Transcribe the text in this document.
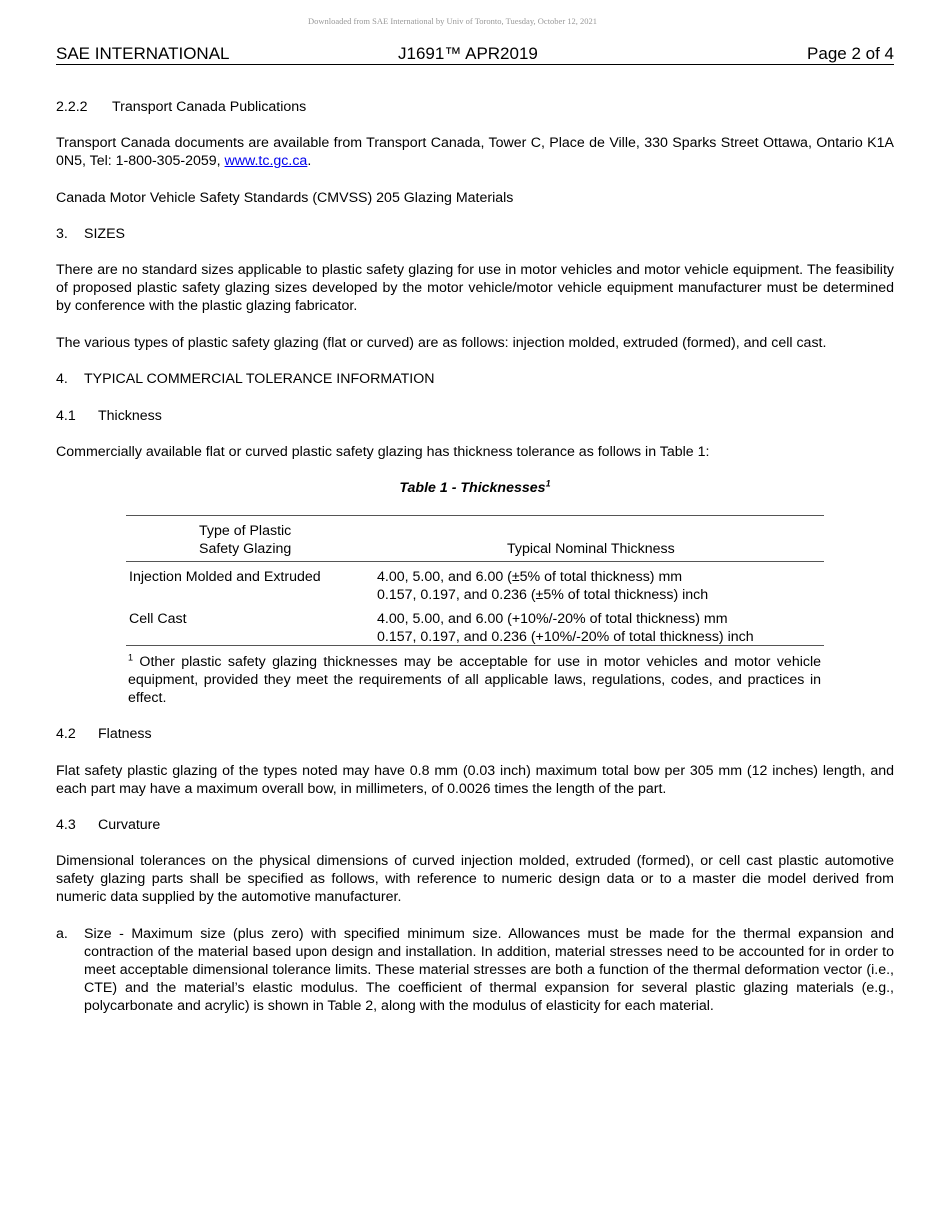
Downloaded from SAE International by Univ of Toronto, Tuesday, October 12, 2021
SAE INTERNATIONAL	J1691™ APR2019	Page 2 of 4
2.2.2 Transport Canada Publications
Transport Canada documents are available from Transport Canada, Tower C, Place de Ville, 330 Sparks Street Ottawa, Ontario K1A 0N5, Tel: 1-800-305-2059, www.tc.gc.ca.
Canada Motor Vehicle Safety Standards (CMVSS) 205 Glazing Materials
3. SIZES
There are no standard sizes applicable to plastic safety glazing for use in motor vehicles and motor vehicle equipment. The feasibility of proposed plastic safety glazing sizes developed by the motor vehicle/motor vehicle equipment manufacturer must be determined by conference with the plastic glazing fabricator.
The various types of plastic safety glazing (flat or curved) are as follows: injection molded, extruded (formed), and cell cast.
4. TYPICAL COMMERCIAL TOLERANCE INFORMATION
4.1 Thickness
Commercially available flat or curved plastic safety glazing has thickness tolerance as follows in Table 1:
Table 1 - Thicknesses$^1$
Type of Plastic
Safety Glazing	Typical Nominal Thickness
Injection Molded and Extruded	4.00, 5.00, and 6.00 (±5% of total thickness) mm
0.157, 0.197, and 0.236 (±5% of total thickness) inch
Cell Cast	4.00, 5.00, and 6.00 (+10%/-20% of total thickness) mm
0.157, 0.197, and 0.236 (+10%/-20% of total thickness) inch
$^1$ Other plastic safety glazing thicknesses may be acceptable for use in motor vehicles and motor vehicle equipment, provided they meet the requirements of all applicable laws, regulations, codes, and practices in effect.
4.2 Flatness
Flat safety plastic glazing of the types noted may have 0.8 mm (0.03 inch) maximum total bow per 305 mm (12 inches) length, and each part may have a maximum overall bow, in millimeters, of 0.0026 times the length of the part.
4.3 Curvature
Dimensional tolerances on the physical dimensions of curved injection molded, extruded (formed), or cell cast plastic automotive safety glazing parts shall be specified as follows, with reference to numeric design data or to a master die model derived from numeric data supplied by the automotive manufacturer.
a. Size - Maximum size (plus zero) with specified minimum size. Allowances must be made for the thermal expansion and contraction of the material based upon design and installation. In addition, material stresses need to be accounted for in order to meet acceptable dimensional tolerance limits. These material stresses are both a function of the thermal deformation vector (i.e., CTE) and the material’s elastic modulus. The coefficient of thermal expansion for several plastic glazing materials (e.g., polycarbonate and acrylic) is shown in Table 2, along with the modulus of elasticity for each material.
